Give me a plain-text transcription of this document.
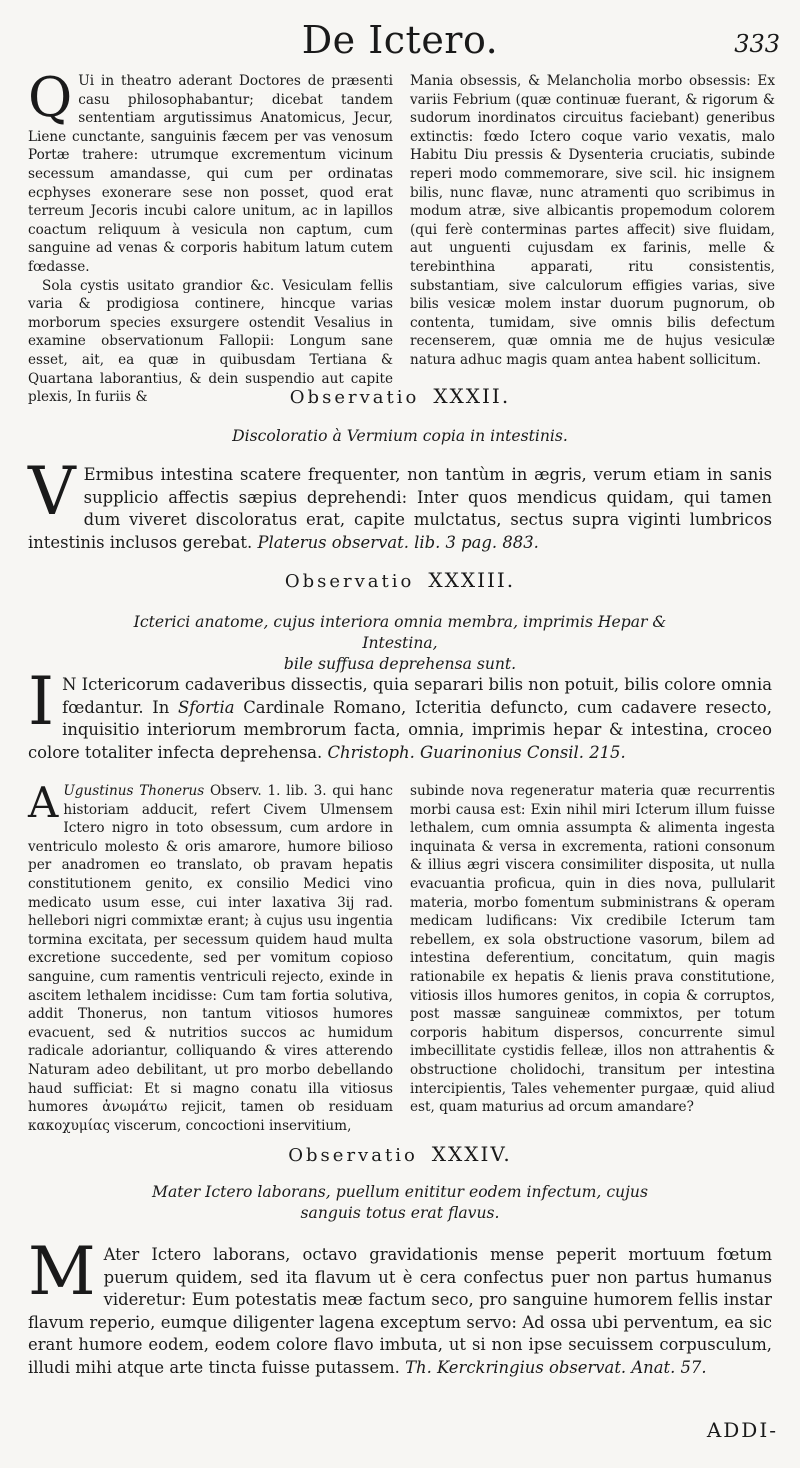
De Ictero.	333

Q Ui in theatro aderant Doctores de præsenti casu philosophabantur; dicebat tandem sententiam argutissimus Anatomicus, Jecur, Liene cunctante, sanguinis fæcem per vas venosum Portæ trahere: utrumque excrementum vicinum secessum amandasse, qui cum per ordinatas ecphyses exonerare sese non posset, quod erat terreum Jecoris incubi calore unitum, ac in lapillos coactum reliquum à vesicula non captum, cum sanguine ad venas & corporis habitum latum cutem fœdasse.

Sola cystis usitato grandior &c. Vesiculam fellis varia & prodigiosa continere, hincque varias morborum species exsurgere ostendit Vesalius in examine observationum Fallopii: Longum sane esset, ait, ea quæ in quibusdam Tertiana & Quartana laborantius, & dein suspendio aut capite plexis, In furiis &

Mania obsessis, & Melancholia morbo obsessis: Ex variis Febrium (quæ continuæ fuerant, & rigorum & sudorum inordinatos circuitus faciebant) generibus extinctis: fœdo Ictero coque vario vexatis, malo Habitu Diu pressis & Dysenteria cruciatis, subinde reperi modo commemorare, sive scil. hic insignem bilis, nunc flavæ, nunc atramenti quo scribimus in modum atræ, sive albicantis propemodum colorem (qui ferè conterminas partes affecit) sive fluidam, aut unguenti cujusdam ex farinis, melle & terebinthina apparati, ritu consistentis, substantiam, sive calculorum effigies varias, sive bilis vesicæ molem instar duorum pugnorum, ob contenta, tumidam, sive omnis bilis defectum recenserem, quæ omnia me de hujus vesiculæ natura adhuc magis quam antea habent sollicitum.

Observatio XXXII.
Discoloratio à Vermium copia in intestinis.

V Ermibus intestina scatere frequenter, non tantùm in ægris, verum etiam in sanis supplicio affectis sæpius deprehendi: Inter quos mendicus quidam, qui tamen dum viveret discoloratus erat, capite mulctatus, sectus supra viginti lumbricos intestinis inclusos gerebat. Platerus observat. lib. 3 pag. 883.

Observatio XXXIII.
Icterici anatome, cujus interiora omnia membra, imprimis Hepar & Intestina,
bile suffusa deprehensa sunt.

I N Ictericorum cadaveribus dissectis, quia separari bilis non potuit, bilis colore omnia fœdantur. In Sfortia Cardinale Romano, Icteritia defuncto, cum cadavere resecto, inquisitio interiorum membrorum facta, omnia, imprimis hepar & intestina, croceo colore totaliter infecta deprehensa. Christoph. Guarinonius Consil. 215.

A Ugustinus Thonerus Observ. 1. lib. 3. qui hanc historiam adducit, refert Civem Ulmensem Ictero nigro in toto obsessum, cum ardore in ventriculo molesto & oris amarore, humore bilioso per anadromen eo translato, ob pravam hepatis constitutionem genito, ex consilio Medici vino medicato usum esse, cui inter laxativa 3ij rad. hellebori nigri commixtæ erant; à cujus usu ingentia tormina excitata, per secessum quidem haud multa excretione succedente, sed per vomitum copioso sanguine, cum ramentis ventriculi rejecto, exinde in ascitem lethalem incidisse: Cum tam fortia solutiva, addit Thonerus, non tantum vitiosos humores evacuent, sed & nutritios succos ac humidum radicale adoriantur, colliquando & vires atterendo Naturam adeo debilitant, ut pro morbo debellando haud sufficiat: Et si magno conatu illa vitiosus humores ἀνωμάτω rejicit, tamen ob residuam κακοχυμίας viscerum, concoctioni inservitium,

subinde nova regeneratur materia quæ recurrentis morbi causa est: Exin nihil miri Icterum illum fuisse lethalem, cum omnia assumpta & alimenta ingesta inquinata & versa in excrementa, rationi consonum & illius ægri viscera consimiliter disposita, ut nulla evacuantia proficua, quin in dies nova, pullularit materia, morbo fomentum subministrans & operam medicam ludificans: Vix credibile Icterum tam rebellem, ex sola obstructione vasorum, bilem ad intestina deferentium, concitatum, quin magis rationabile ex hepatis & lienis prava constitutione, vitiosis illos humores genitos, in copia & corruptos, post massæ sanguineæ commixtos, per totum corporis habitum dispersos, concurrente simul imbecillitate cystidis felleæ, illos non attrahentis & obstructione cholidochi, transitum per intestina intercipientis, Tales vehementer purgaæ, quid aliud est, quam maturius ad orcum amandare?

Observatio XXXIV.
Mater Ictero laborans, puellum enititur eodem infectum, cujus
sanguis totus erat flavus.

M Ater Ictero laborans, octavo gravidationis mense peperit mortuum fœtum puerum quidem, sed ita flavum ut è cera confectus puer non partus humanus videretur: Eum potestatis meæ factum seco, pro sanguine humorem fellis instar flavum reperio, eumque diligenter lagena exceptum servo: Ad ossa ubi perventum, ea sic erant humore eodem, eodem colore flavo imbuta, ut si non ipse secuissem corpusculum, illudi mihi atque arte tincta fuisse putassem. Th. Kerckringius observat. Anat. 57.

ADDI-
